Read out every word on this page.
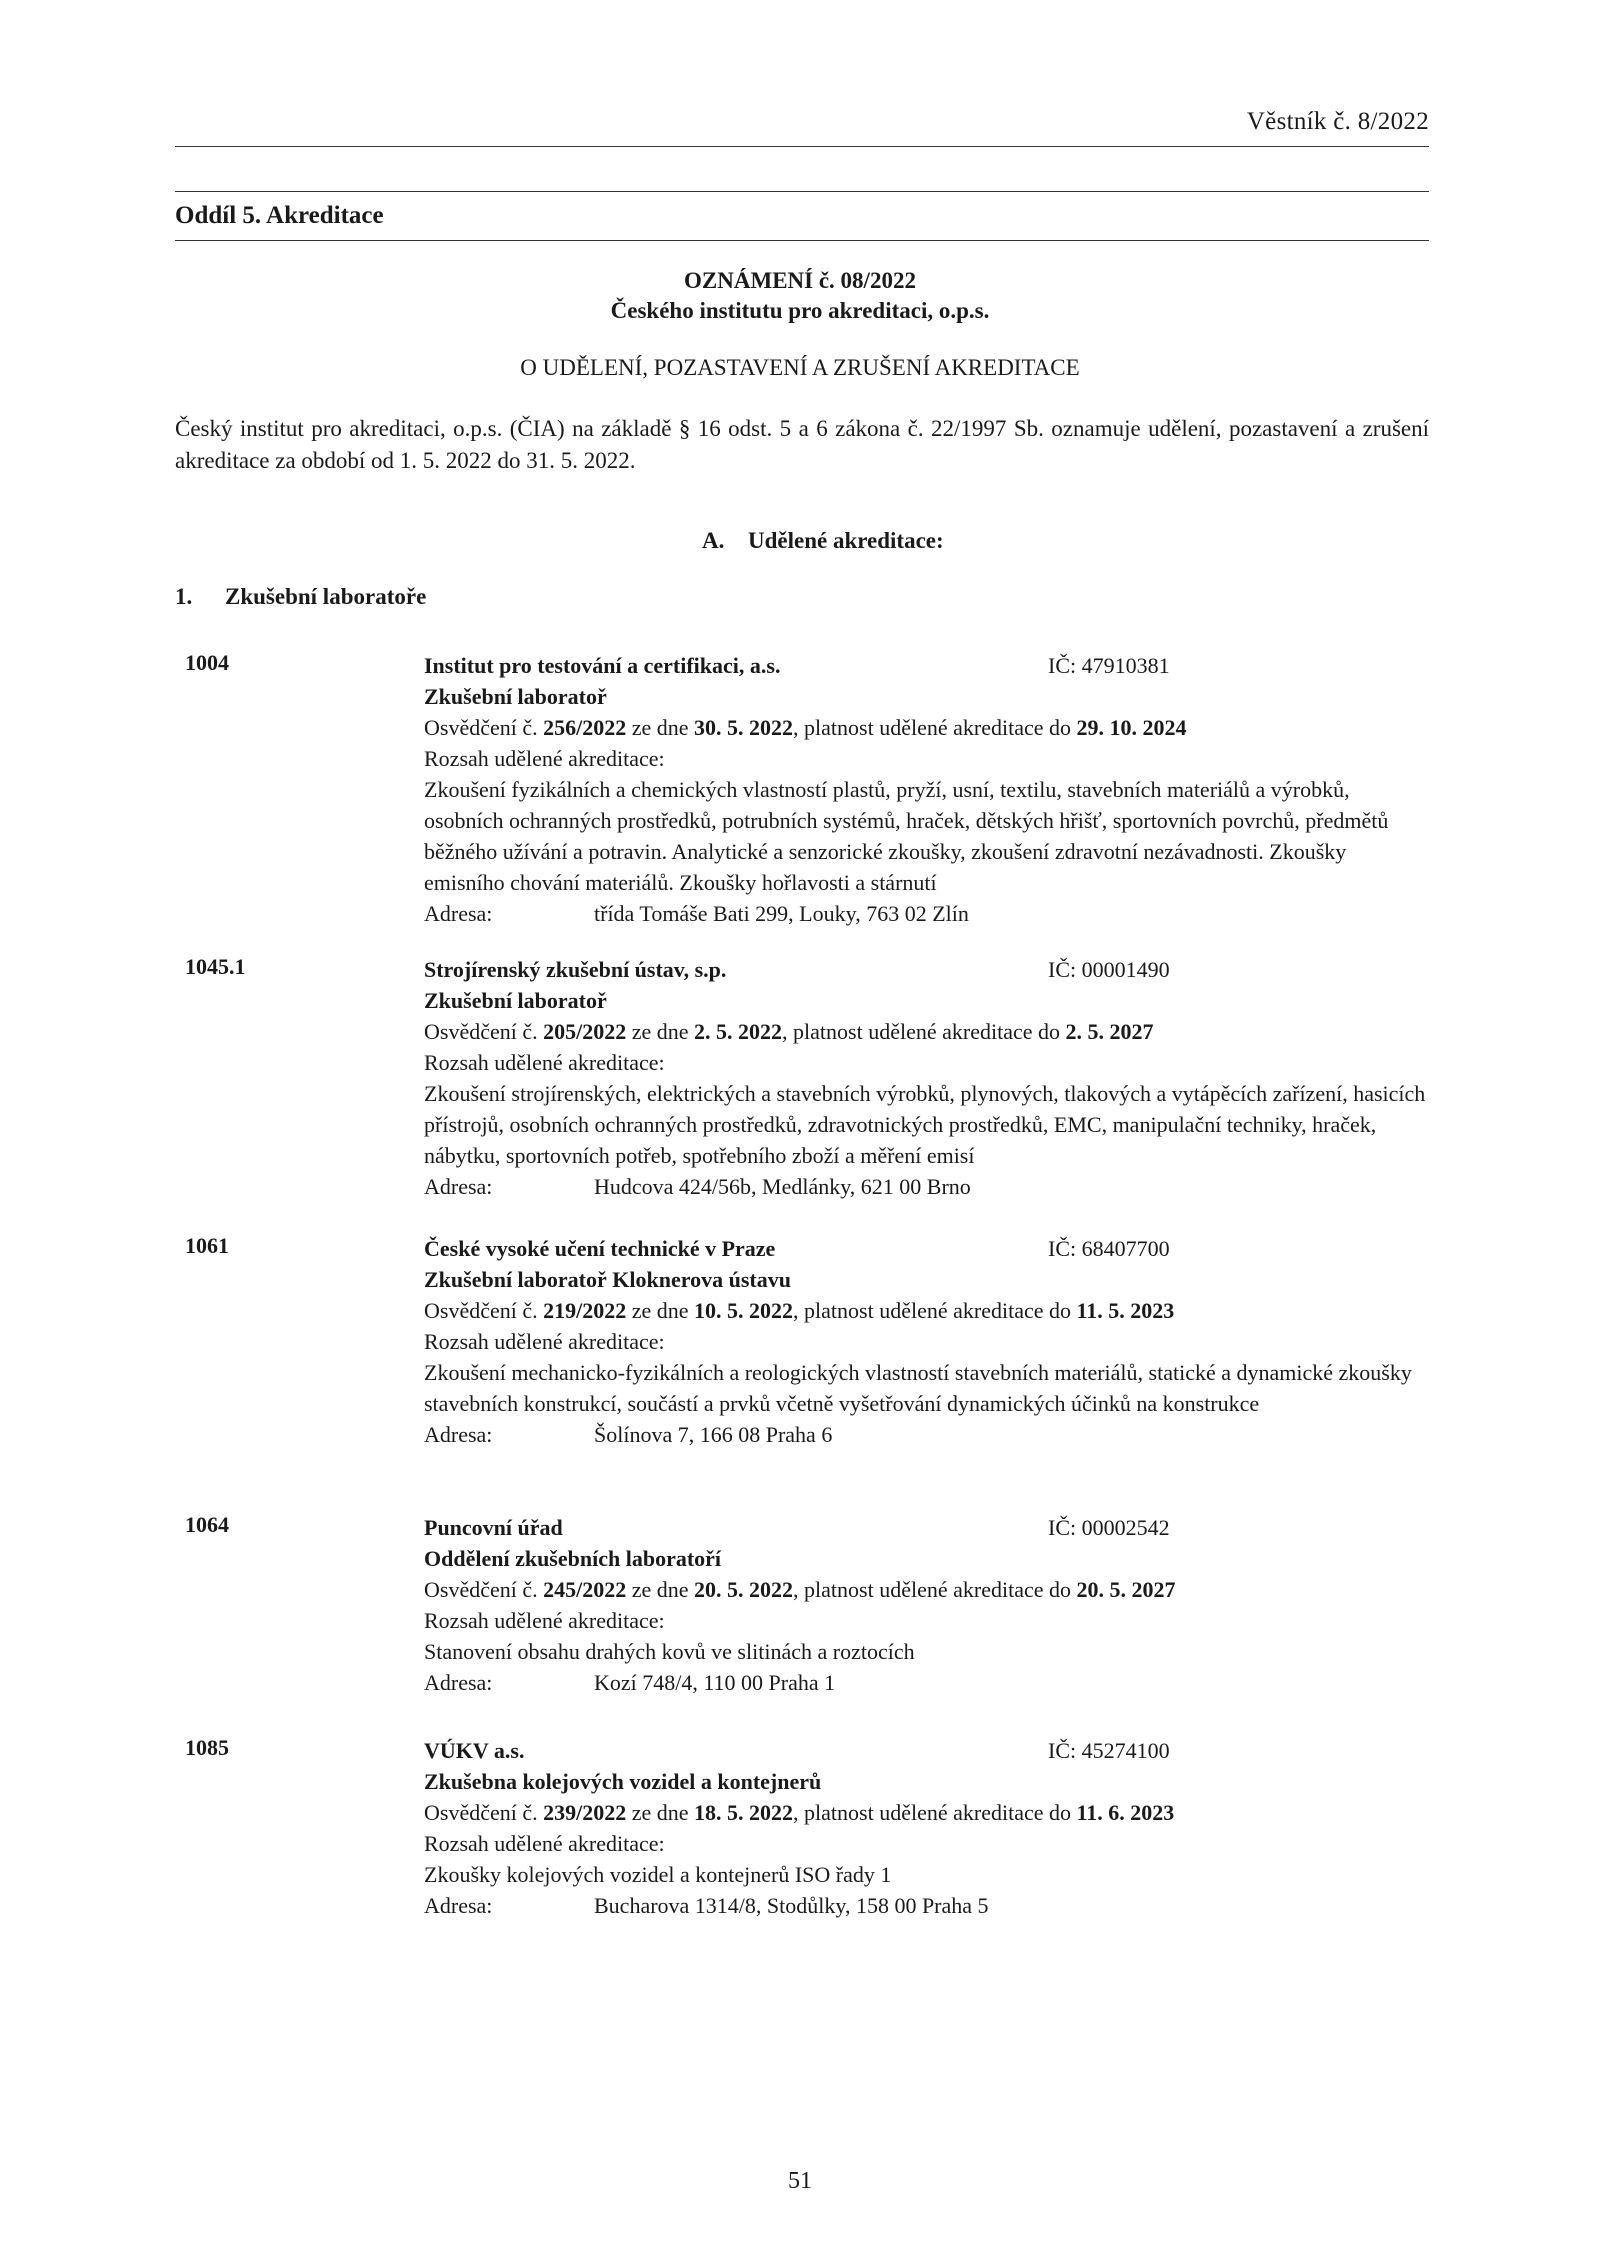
Věstník č. 8/2022
Oddíl 5. Akreditace
OZNÁMENÍ č. 08/2022
Českého institutu pro akreditaci, o.p.s.
O UDĚLENÍ, POZASTAVENÍ A ZRUŠENÍ AKREDITACE
Český institut pro akreditaci, o.p.s. (ČIA) na základě § 16 odst. 5 a 6 zákona č. 22/1997 Sb. oznamuje udělení, pozastavení a zrušení akreditace za období od 1. 5. 2022 do 31. 5. 2022.
A. Udělené akreditace:
1. Zkušební laboratoře
1004	Institut pro testování a certifikaci, a.s.	IČ: 47910381
Zkušební laboratoř
Osvědčení č. 256/2022 ze dne 30. 5. 2022, platnost udělené akreditace do 29. 10. 2024
Rozsah udělené akreditace:
Zkoušení fyzikálních a chemických vlastností plastů, pryží, usní, textilu, stavebních materiálů a výrobků, osobních ochranných prostředků, potrubních systémů, hraček, dětských hřišť, sportovních povrchů, předmětů běžného užívání a potravin. Analytické a senzorické zkoušky, zkoušení zdravotní nezávadnosti. Zkoušky emisního chování materiálů. Zkoušky hořlavosti a stárnutí
Adresa:	třída Tomáše Bati 299, Louky, 763 02 Zlín
1045.1	Strojírenský zkušební ústav, s.p.	IČ: 00001490
Zkušební laboratoř
Osvědčení č. 205/2022 ze dne 2. 5. 2022, platnost udělené akreditace do 2. 5. 2027
Rozsah udělené akreditace:
Zkoušení strojírenských, elektrických a stavebních výrobků, plynových, tlakových a vytápěcích zařízení, hasicích přístrojů, osobních ochranných prostředků, zdravotnických prostředků, EMC, manipulační techniky, hraček, nábytku, sportovních potřeb, spotřebního zboží a měření emisí
Adresa:	Hudcova 424/56b, Medlánky, 621 00 Brno
1061	České vysoké učení technické v Praze	IČ: 68407700
Zkušební laboratoř Kloknerova ústavu
Osvědčení č. 219/2022 ze dne 10. 5. 2022, platnost udělené akreditace do 11. 5. 2023
Rozsah udělené akreditace:
Zkoušení mechanicko-fyzikálních a reologických vlastností stavebních materiálů, statické a dynamické zkoušky stavebních konstrukcí, součástí a prvků včetně vyšetřování dynamických účinků na konstrukce
Adresa:	Šolínova 7, 166 08 Praha 6
1064	Puncovní úřad	IČ: 00002542
Oddělení zkušebních laboratoří
Osvědčení č. 245/2022 ze dne 20. 5. 2022, platnost udělené akreditace do 20. 5. 2027
Rozsah udělené akreditace:
Stanovení obsahu drahých kovů ve slitinách a roztocích
Adresa:	Kozí 748/4, 110 00 Praha 1
1085	VÚKV a.s.	IČ: 45274100
Zkušebna kolejových vozidel a kontejnerů
Osvědčení č. 239/2022 ze dne 18. 5. 2022, platnost udělené akreditace do 11. 6. 2023
Rozsah udělené akreditace:
Zkoušky kolejových vozidel a kontejnerů ISO řady 1
Adresa:	Bucharova 1314/8, Stodůlky, 158 00 Praha 5
51
